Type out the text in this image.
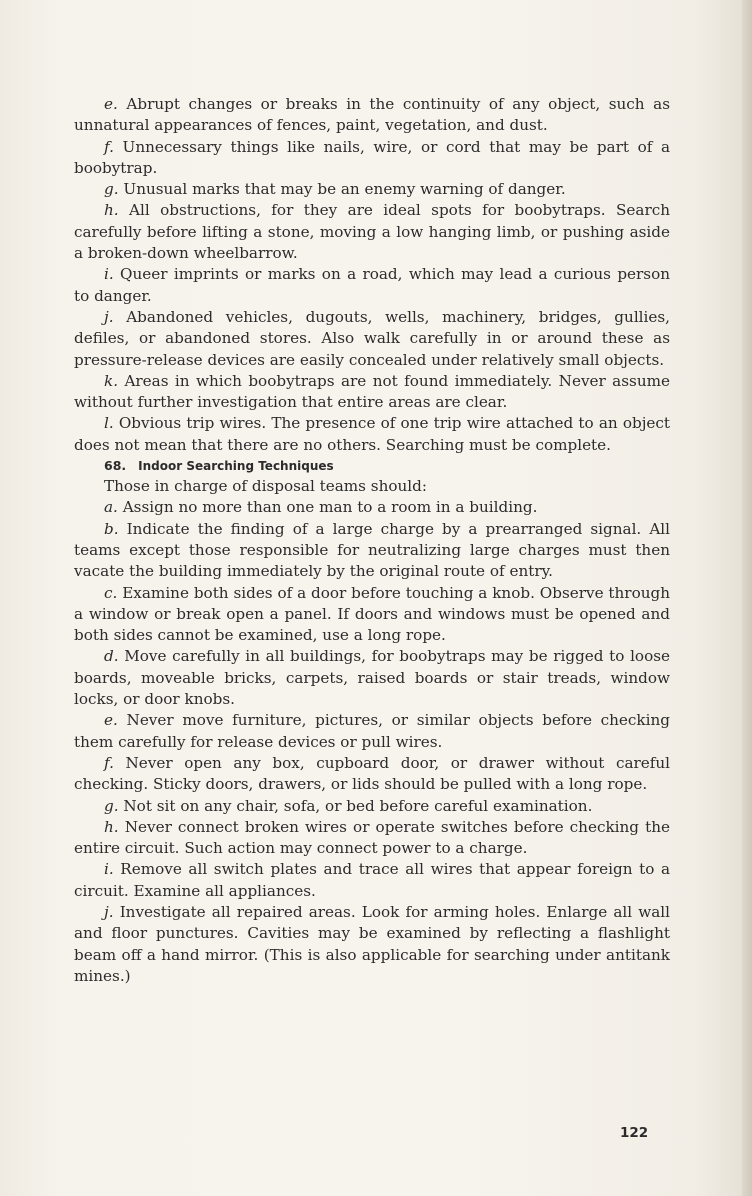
e. Abrupt changes or breaks in the continuity of any object, such as unnatural appearances of fences, paint, vegetation, and dust.

f. Unnecessary things like nails, wire, or cord that may be part of a boobytrap.

g. Unusual marks that may be an enemy warning of danger.

h. All obstructions, for they are ideal spots for boobytraps. Search carefully before lifting a stone, moving a low hanging limb, or pushing aside a broken-down wheelbarrow.

i. Queer imprints or marks on a road, which may lead a curious person to danger.

j. Abandoned vehicles, dugouts, wells, machinery, bridges, gullies, defiles, or abandoned stores. Also walk carefully in or around these as pressure-release devices are easily concealed under relatively small objects.

k. Areas in which boobytraps are not found immediately. Never assume without further investigation that entire areas are clear.

l. Obvious trip wires. The presence of one trip wire attached to an object does not mean that there are no others. Searching must be complete.

68. Indoor Searching Techniques

Those in charge of disposal teams should:

a. Assign no more than one man to a room in a building.

b. Indicate the finding of a large charge by a prearranged signal. All teams except those responsible for neutralizing large charges must then vacate the building immediately by the original route of entry.

c. Examine both sides of a door before touching a knob. Observe through a window or break open a panel. If doors and windows must be opened and both sides cannot be examined, use a long rope.

d. Move carefully in all buildings, for boobytraps may be rigged to loose boards, moveable bricks, carpets, raised boards or stair treads, window locks, or door knobs.

e. Never move furniture, pictures, or similar objects before checking them carefully for release devices or pull wires.

f. Never open any box, cupboard door, or drawer without careful checking. Sticky doors, drawers, or lids should be pulled with a long rope.

g. Not sit on any chair, sofa, or bed before careful examination.

h. Never connect broken wires or operate switches before checking the entire circuit. Such action may connect power to a charge.

i. Remove all switch plates and trace all wires that appear foreign to a circuit. Examine all appliances.

j. Investigate all repaired areas. Look for arming holes. Enlarge all wall and floor punctures. Cavities may be examined by reflecting a flashlight beam off a hand mirror. (This is also applicable for searching under antitank mines.)

122
